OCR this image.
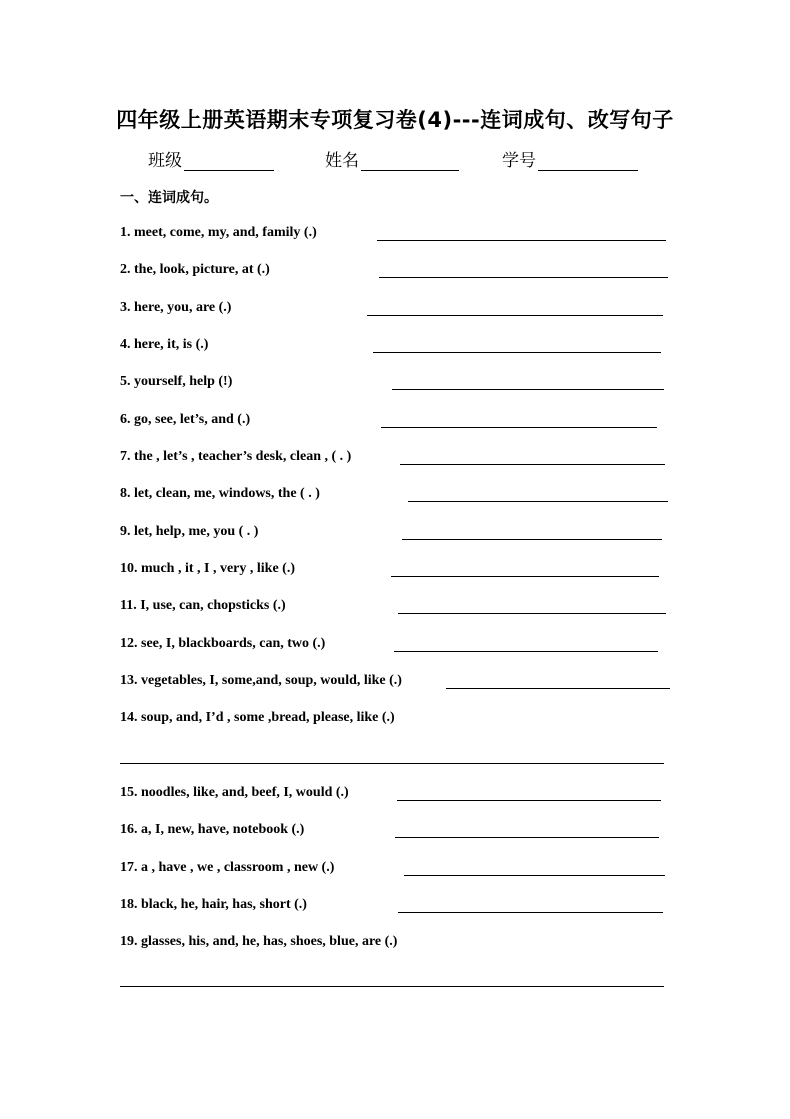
四年级上册英语期末专项复习卷(4)---连词成句、改写句子
班级	姓名	学号
一、连词成句。
1. meet, come, my, and, family (.)
2. the, look, picture, at (.)
3. here, you, are (.)
4. here, it, is (.)
5. yourself, help (!)
6. go, see, let’s, and (.)
7. the , let’s , teacher’s desk, clean , ( . )
8. let, clean, me, windows, the ( . )
9. let, help, me, you ( . )
10. much , it , I , very , like (.)
11. I, use, can, chopsticks (.)
12. see, I, blackboards, can, two (.)
13. vegetables, I, some,and, soup, would, like (.)
14. soup, and, I’d , some ,bread, please, like (.)
15. noodles, like, and, beef, I, would (.)
16. a, I, new, have, notebook (.)
17. a , have , we , classroom , new (.)
18. black, he, hair, has, short (.)
19. glasses, his, and, he, has, shoes, blue, are (.)
